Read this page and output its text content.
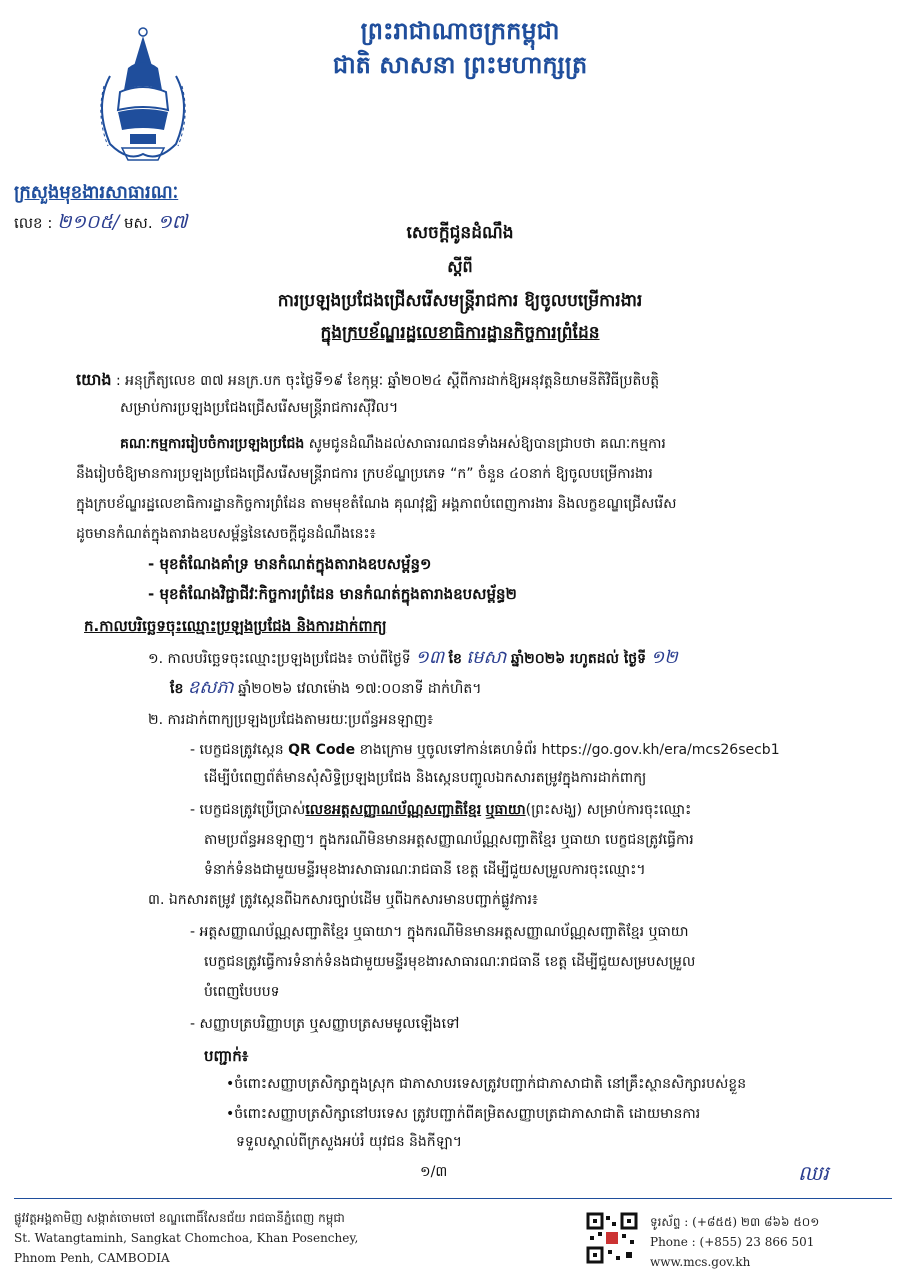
ព្រះរាជាណាចក្រកម្ពុជា
ជាតិ សាសនា ព្រះមហាក្សត្រ
ក្រសួងមុខងារសាធារណៈ
លេខ : ២១០៥/ មស. ១៧	សេចក្តីជូនដំណឹង
ស្តីពី
ការប្រឡងប្រជែងជ្រើសរើសមន្ត្រីរាជការ ឱ្យចូលបម្រើការងារ
ក្នុងក្របខ័ណ្ឌរដ្ឋលេខាធិការដ្ឋានកិច្ចការព្រំដែន
យោង : អនុក្រឹត្យលេខ ៣៧ អនក្រ.បក ចុះថ្ងៃទី១៩ ខែកុម្ភៈ ឆ្នាំ២០២៤ ស្តីពីការដាក់ឱ្យអនុវត្តនិយាមនីតិវិធីប្រតិបត្តិ
សម្រាប់ការប្រឡងប្រជែងជ្រើសរើសមន្ត្រីរាជការស៊ីវិល។
គណៈកម្មការរៀបចំការប្រឡងប្រជែង សូមជូនដំណឹងដល់សាធារណជនទាំងអស់ឱ្យបានជ្រាបថា គណៈកម្មការ
នឹងរៀបចំឱ្យមានការប្រឡងប្រជែងជ្រើសរើសមន្ត្រីរាជការ ក្របខ័ណ្ឌប្រភេទ “ក” ចំនួន ៤០នាក់ ឱ្យចូលបម្រើការងារ
ក្នុងក្របខ័ណ្ឌរដ្ឋលេខាធិការដ្ឋានកិច្ចការព្រំដែន តាមមុខតំណែង គុណវុឌ្ឍិ អង្គភាពបំពេញការងារ និងលក្ខខណ្ឌជ្រើសរើស
ដូចមានកំណត់ក្នុងតារាងឧបសម្ព័ន្ធនៃសេចក្តីជូនដំណឹងនេះ៖
- មុខតំណែងគាំទ្រ មានកំណត់ក្នុងតារាងឧបសម្ព័ន្ធ១
- មុខតំណែងវិជ្ជាជីវៈកិច្ចការព្រំដែន មានកំណត់ក្នុងតារាងឧបសម្ព័ន្ធ២
ក.កាលបរិច្ឆេទចុះឈ្មោះប្រឡងប្រជែង និងការដាក់ពាក្យ
១. កាលបរិច្ឆេទចុះឈ្មោះប្រឡងប្រជែង៖ ចាប់ពីថ្ងៃទី ១៣ ខែ មេសា ឆ្នាំ២០២៦ រហូតដល់ ថ្ងៃទី ១២
ខែ ឧសភា ឆ្នាំ២០២៦ វេលាម៉ោង ១៧:០០នាទី ដាក់ហិត។
២. ការដាក់ពាក្យប្រឡងប្រជែងតាមរយៈប្រព័ន្ធអនឡាញ៖
- បេក្ខជនត្រូវស្កេន QR Code ខាងក្រោម ឬចូលទៅកាន់គេហទំព័រ https://go.gov.kh/era/mcs26secb1
ដើម្បីបំពេញព័ត៌មានសុំសិទ្ធិប្រឡងប្រជែង និងស្កេនបញ្ចូលឯកសារតម្រូវក្នុងការដាក់ពាក្យ
- បេក្ខជនត្រូវប្រើប្រាស់លេខអត្តសញ្ញាណប័ណ្ណសញ្ជាតិខ្មែរ ឬធាយា(ព្រះសង្ឃ) សម្រាប់ការចុះឈ្មោះ
តាមប្រព័ន្ធអនឡាញ។ ក្នុងករណីមិនមានអត្តសញ្ញាណប័ណ្ណសញ្ជាតិខ្មែរ ឬធាយា បេក្ខជនត្រូវធ្វើការ
ទំនាក់ទំនងជាមួយមន្ទីរមុខងារសាធារណៈរាជធានី ខេត្ត ដើម្បីជួយសម្រួលការចុះឈ្មោះ។
៣. ឯកសារតម្រូវ ត្រូវស្កេនពីឯកសារច្បាប់ដើម ឬពីឯកសារមានបញ្ជាក់ផ្លូវការ៖
- អត្តសញ្ញាណប័ណ្ណសញ្ជាតិខ្មែរ ឬធាយា។ ក្នុងករណីមិនមានអត្តសញ្ញាណប័ណ្ណសញ្ជាតិខ្មែរ ឬធាយា
បេក្ខជនត្រូវធ្វើការទំនាក់ទំនងជាមួយមន្ទីរមុខងារសាធារណៈរាជធានី ខេត្ត ដើម្បីជួយសម្របសម្រួល
បំពេញបែបបទ
- សញ្ញាបត្របរិញ្ញាបត្រ ឬសញ្ញាបត្រសមមូលឡើងទៅ
បញ្ជាក់៖
•ចំពោះសញ្ញាបត្រសិក្សាក្នុងស្រុក ជាភាសាបរទេសត្រូវបញ្ជាក់ជាភាសាជាតិ នៅគ្រឹះស្ថានសិក្សារបស់ខ្លួន
•ចំពោះសញ្ញាបត្រសិក្សានៅបរទេស ត្រូវបញ្ជាក់ពីគម្រិតសញ្ញាបត្រជាភាសាជាតិ ដោយមានការ
ទទួលស្គាល់ពីក្រសួងអប់រំ យុវជន និងកីឡា។
១/៣	ឈរ
ផ្លូវវត្តអង្គតាមិញ សង្កាត់ចោមចៅ ខណ្ឌពោធិ៍សែនជ័យ រាជធានីភ្នំពេញ កម្ពុជា
St. Watangtaminh, Sangkat Chomchoa, Khan Posenchey,
Phnom Penh, CAMBODIA
ទូរស័ព្ទ : (+៨៥៥) ២៣ ៨៦៦ ៥០១
Phone : (+855) 23 866 501
www.mcs.gov.kh
